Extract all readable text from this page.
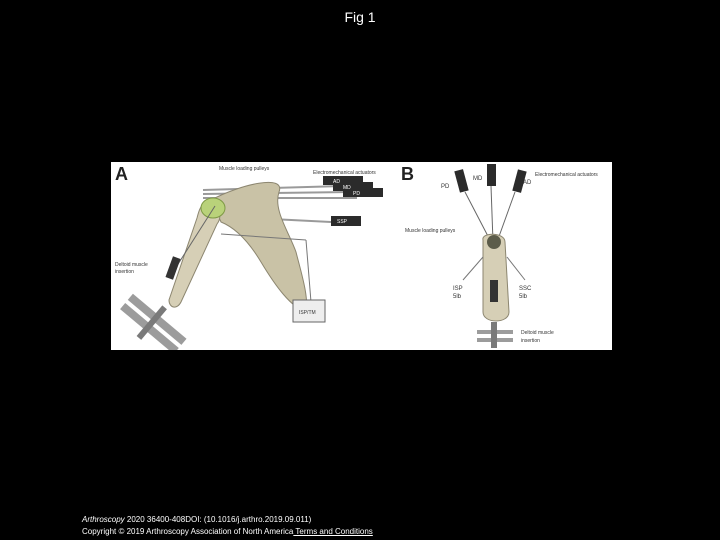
Fig 1
A	AD
MD
PD
SSP
ISP/TM
Muscle loading pulleys
Electromechanical actuators
Deltoid muscle
insertion
B
PD
MD
AD
ISP
5lb
SSC
5lb
Electromechanical actuators
Muscle loading pulleys
Deltoid muscle
insertion
Arthroscopy 2020 36400-408DOI: (10.1016/j.arthro.2019.09.011)
Copyright © 2019 Arthroscopy Association of North America Terms and Conditions
